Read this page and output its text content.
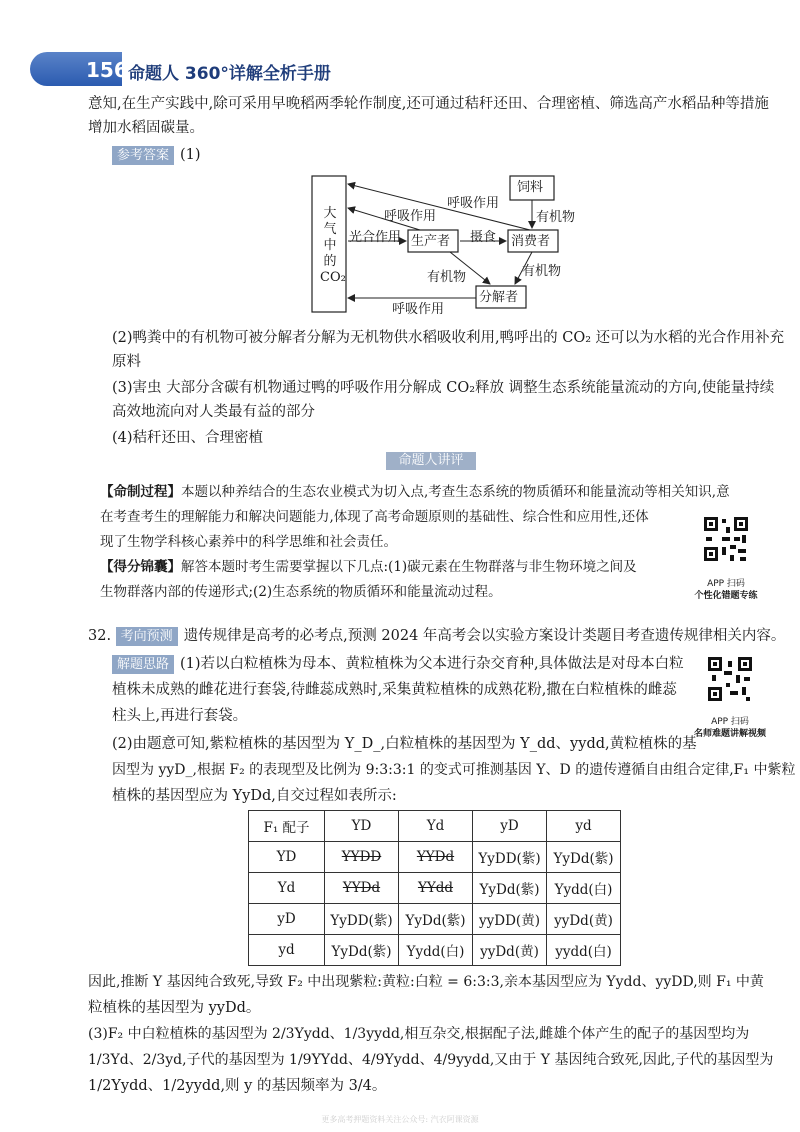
156 命题人 360°详解全析手册
意知,在生产实践中,除可采用早晚稻两季轮作制度,还可通过秸秆还田、合理密植、筛选高产水稻品种等措施
增加水稻固碳量。
参考答案 (1)
大
气
中
的
CO₂
饲料
生产者	消费者
分解者
呼吸作用
呼吸作用
光合作用	摄食
有机物
有机物	有机物
呼吸作用
(2)鸭粪中的有机物可被分解者分解为无机物供水稻吸收利用,鸭呼出的 CO₂ 还可以为水稻的光合作用补充
原料
(3)害虫 大部分含碳有机物通过鸭的呼吸作用分解成 CO₂释放 调整生态系统能量流动的方向,使能量持续
高效地流向对人类最有益的部分
(4)秸秆还田、合理密植
命题人讲评
【命制过程】本题以种养结合的生态农业模式为切入点,考查生态系统的物质循环和能量流动等相关知识,意
在考查考生的理解能力和解决问题能力,体现了高考命题原则的基础性、综合性和应用性,还体
现了生物学科核心素养中的科学思维和社会责任。
【得分锦囊】解答本题时考生需要掌握以下几点:(1)碳元素在生物群落与非生物环境之间及
生物群落内部的传递形式;(2)生态系统的物质循环和能量流动过程。	APP 扫码
个性化错题专练
32. 考向预测 遗传规律是高考的必考点,预测 2024 年高考会以实验方案设计类题目考查遗传规律相关内容。
解题思路 (1)若以白粒植株为母本、黄粒植株为父本进行杂交育种,具体做法是对母本白粒
植株未成熟的雌花进行套袋,待雌蕊成熟时,采集黄粒植株的成熟花粉,撒在白粒植株的雌蕊
柱头上,再进行套袋。	APP 扫码
名师难题讲解视频
(2)由题意可知,紫粒植株的基因型为 Y_D_,白粒植株的基因型为 Y_dd、yydd,黄粒植株的基
因型为 yyD_,根据 F₂ 的表现型及比例为 9:3:3:1 的变式可推测基因 Y、D 的遗传遵循自由组合定律,F₁ 中紫粒
植株的基因型应为 YyDd,自交过程如表所示:
F₁ 配子	YD	Yd	yD	yd
YD	YYDD	YYDd	YyDD(紫)	YyDd(紫)
Yd	YYDd	YYdd	YyDd(紫)	Yydd(白)
yD	YyDD(紫)	YyDd(紫)	yyDD(黄)	yyDd(黄)
yd	YyDd(紫)	Yydd(白)	yyDd(黄)	yydd(白)
因此,推断 Y 基因纯合致死,导致 F₂ 中出现紫粒:黄粒:白粒 = 6:3:3,亲本基因型应为 Yydd、yyDD,则 F₁ 中黄
粒植株的基因型为 yyDd。
(3)F₂ 中白粒植株的基因型为 2/3Yydd、1/3yydd,相互杂交,根据配子法,雌雄个体产生的配子的基因型均为
1/3Yd、2/3yd,子代的基因型为 1/9YYdd、4/9Yydd、4/9yydd,又由于 Y 基因纯合致死,因此,子代的基因型为
1/2Yydd、1/2yydd,则 y 的基因频率为 3/4。
更多高考押题资料关注公众号: 汽衣阿课资源
